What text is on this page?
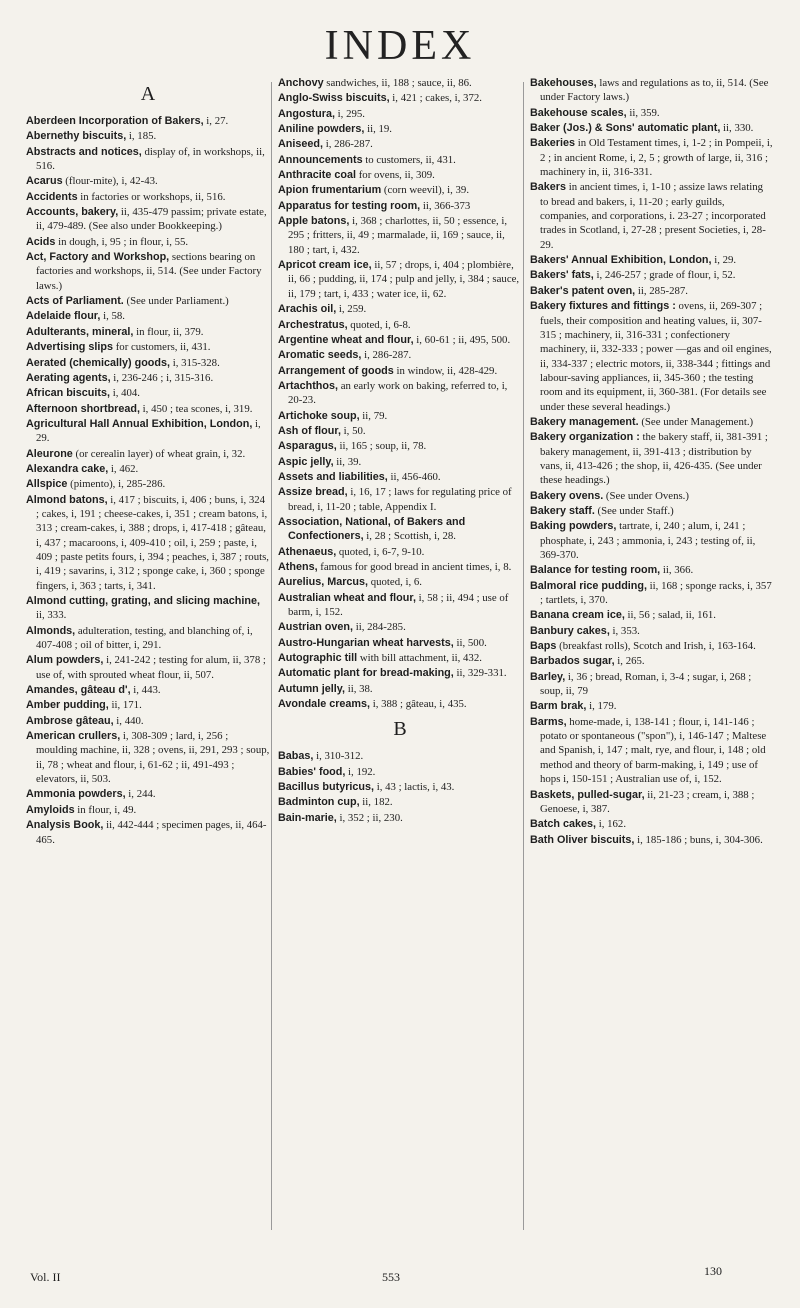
INDEX
A
Aberdeen Incorporation of Bakers, i, 27.
Abernethy biscuits, i, 185.
Abstracts and notices, display of, in workshops, ii, 516.
Acarus (flour-mite), i, 42-43.
Accidents in factories or workshops, ii, 516.
Accounts, bakery, ii, 435-479 passim; private estate, ii, 479-489. (See also under Bookkeeping.)
Acids in dough, i, 95 ; in flour, i, 55.
Act, Factory and Workshop, sections bearing on factories and workshops, ii, 514. (See under Factory laws.)
Acts of Parliament. (See under Parliament.)
Adelaide flour, i, 58.
Adulterants, mineral, in flour, ii, 379.
Advertising slips for customers, ii, 431.
Aerated (chemically) goods, i, 315-328.
Aerating agents, i, 236-246 ; i, 315-316.
African biscuits, i, 404.
Afternoon shortbread, i, 450 ; tea scones, i, 319.
Agricultural Hall Annual Exhibition, London, i, 29.
Aleurone (or cerealin layer) of wheat grain, i, 32.
Alexandra cake, i, 462.
Allspice (pimento), i, 285-286.
Almond batons, i, 417 ; biscuits, i, 406 ; buns, i, 324 ; cakes, i, 191 ; cheese-cakes, i, 351 ; cream batons, i, 313 ; cream-cakes, i, 388 ; drops, i, 417-418 ; gâteau, i, 437 ; macaroons, i, 409-410 ; oil, i, 259 ; paste, i, 409 ; paste petits fours, i, 394 ; peaches, i, 387 ; routs, i, 419 ; savarins, i, 312 ; sponge cake, i, 360 ; sponge fingers, i, 363 ; tarts, i, 341.
Almond cutting, grating, and slicing machine, ii, 333.
Almonds, adulteration, testing, and blanching of, i, 407-408 ; oil of bitter, i, 291.
Alum powders, i, 241-242 ; testing for alum, ii, 378 ; use of, with sprouted wheat flour, ii, 507.
Amandes, gâteau d', i, 443.
Amber pudding, ii, 171.
Ambrose gâteau, i, 440.
American crullers, i, 308-309 ; lard, i, 256 ; moulding machine, ii, 328 ; ovens, ii, 291, 293 ; soup, ii, 78 ; wheat and flour, i, 61-62 ; ii, 491-493 ; elevators, ii, 503.
Ammonia powders, i, 244.
Amyloids in flour, i, 49.
Analysis Book, ii, 442-444 ; specimen pages, ii, 464-465.
Anchovy sandwiches, ii, 188 ; sauce, ii, 86.
Anglo-Swiss biscuits, i, 421 ; cakes, i, 372.
Angostura, i, 295.
Aniline powders, ii, 19.
Aniseed, i, 286-287.
Announcements to customers, ii, 431.
Anthracite coal for ovens, ii, 309.
Apion frumentarium (corn weevil), i, 39.
Apparatus for testing room, ii, 366-373
Apple batons, i, 368 ; charlottes, ii, 50 ; essence, i, 295 ; fritters, ii, 49 ; marmalade, ii, 169 ; sauce, ii, 180 ; tart, i, 432.
Apricot cream ice, ii, 57 ; drops, i, 404 ; plombière, ii, 66 ; pudding, ii, 174 ; pulp and jelly, i, 384 ; sauce, ii, 179 ; tart, i, 433 ; water ice, ii, 62.
Arachis oil, i, 259.
Archestratus, quoted, i, 6-8.
Argentine wheat and flour, i, 60-61 ; ii, 495, 500.
Aromatic seeds, i, 286-287.
Arrangement of goods in window, ii, 428-429.
Artachthos, an early work on baking, referred to, i, 20-23.
Artichoke soup, ii, 79.
Ash of flour, i, 50.
Asparagus, ii, 165 ; soup, ii, 78.
Aspic jelly, ii, 39.
Assets and liabilities, ii, 456-460.
Assize bread, i, 16, 17 ; laws for regulating price of bread, i, 11-20 ; table, Appendix I.
Association, National, of Bakers and Confectioners, i, 28 ; Scottish, i, 28.
Athenaeus, quoted, i, 6-7, 9-10.
Athens, famous for good bread in ancient times, i, 8.
Aurelius, Marcus, quoted, i, 6.
Australian wheat and flour, i, 58 ; ii, 494 ; use of barm, i, 152.
Austrian oven, ii, 284-285.
Austro-Hungarian wheat harvests, ii, 500.
Autographic till with bill attachment, ii, 432.
Automatic plant for bread-making, ii, 329-331.
Autumn jelly, ii, 38.
Avondale creams, i, 388 ; gâteau, i, 435.
B
Babas, i, 310-312.
Babies' food, i, 192.
Bacillus butyricus, i, 43 ; lactis, i, 43.
Badminton cup, ii, 182.
Bain-marie, i, 352 ; ii, 230.
Bakehouses, laws and regulations as to, ii, 514. (See under Factory laws.)
Bakehouse scales, ii, 359.
Baker (Jos.) & Sons' automatic plant, ii, 330.
Bakeries in Old Testament times, i, 1-2 ; in Pompeii, i, 2 ; in ancient Rome, i, 2, 5 ; growth of large, ii, 316 ; machinery in, ii, 316-331.
Bakers in ancient times, i, 1-10 ; assize laws relating to bread and bakers, i, 11-20 ; early guilds, companies, and corporations, i. 23-27 ; incorporated trades in Scotland, i, 27-28 ; present Societies, i, 28-29.
Bakers' Annual Exhibition, London, i, 29.
Bakers' fats, i, 246-257 ; grade of flour, i, 52.
Baker's patent oven, ii, 285-287.
Bakery fixtures and fittings : ovens, ii, 269-307 ; fuels, their composition and heating values, ii, 307-315 ; machinery, ii, 316-331 ; confectionery machinery, ii, 332-333 ; power —gas and oil engines, ii, 334-337 ; electric motors, ii, 338-344 ; fittings and labour-saving appliances, ii, 345-360 ; the testing room and its equipment, ii, 360-381. (For details see under these several headings.)
Bakery management. (See under Management.)
Bakery organization : the bakery staff, ii, 381-391 ; bakery management, ii, 391-413 ; distribution by vans, ii, 413-426 ; the shop, ii, 426-435. (See under these headings.)
Bakery ovens. (See under Ovens.)
Bakery staff. (See under Staff.)
Baking powders, tartrate, i, 240 ; alum, i, 241 ; phosphate, i, 243 ; ammonia, i, 243 ; testing of, ii, 369-370.
Balance for testing room, ii, 366.
Balmoral rice pudding, ii, 168 ; sponge racks, i, 357 ; tartlets, i, 370.
Banana cream ice, ii, 56 ; salad, ii, 161.
Banbury cakes, i, 353.
Baps (breakfast rolls), Scotch and Irish, i, 163-164.
Barbados sugar, i, 265.
Barley, i, 36 ; bread, Roman, i, 3-4 ; sugar, i, 268 ; soup, ii, 79
Barm brak, i, 179.
Barms, home-made, i, 138-141 ; flour, i, 141-146 ; potato or spontaneous ("spon"), i, 146-147 ; Maltese and Spanish, i, 147 ; malt, rye, and flour, i, 148 ; old method and theory of barm-making, i, 149 ; use of hops i, 150-151 ; Australian use of, i, 152.
Baskets, pulled-sugar, ii, 21-23 ; cream, i, 388 ; Genoese, i, 387.
Batch cakes, i, 162.
Bath Oliver biscuits, i, 185-186 ; buns, i, 304-306.
Vol. II	553	130
